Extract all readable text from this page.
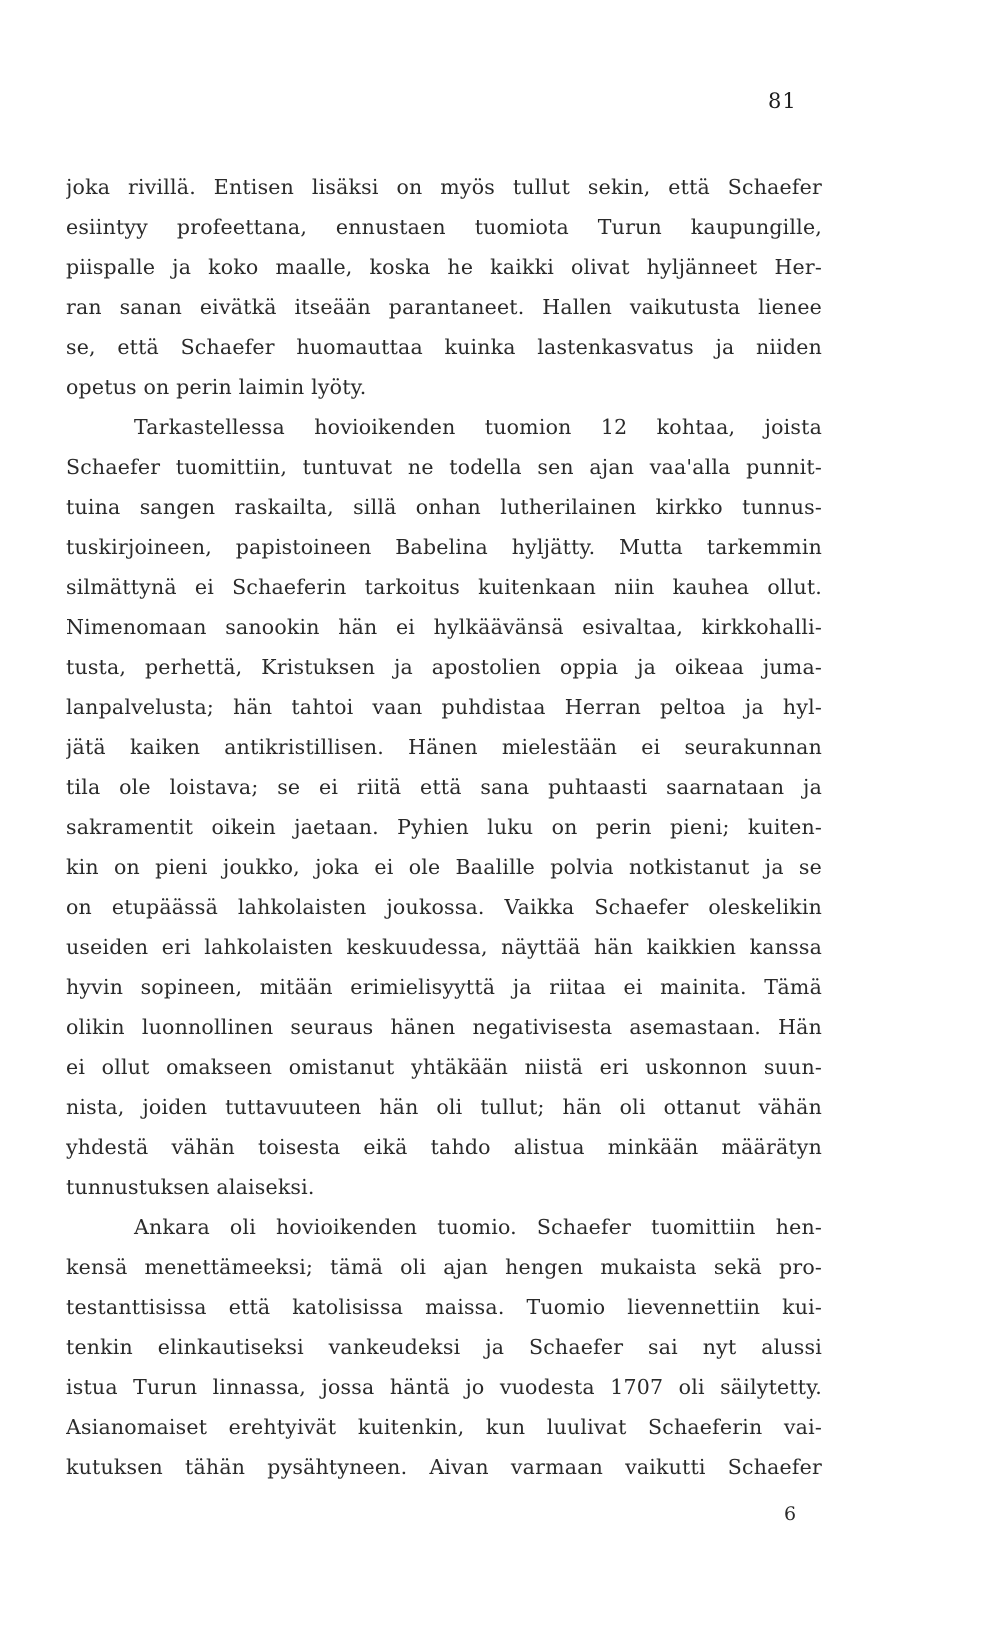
81
joka rivillä. Entisen lisäksi on myös tullut sekin, että Schaefer
esiintyy profeettana, ennustaen tuomiota Turun kaupungille,
piispalle ja koko maalle, koska he kaikki olivat hyljänneet Her-
ran sanan eivätkä itseään parantaneet. Hallen vaikutusta lienee
se, että Schaefer huomauttaa kuinka lastenkasvatus ja niiden
opetus on perin laimin lyöty.
Tarkastellessa hovioikenden tuomion 12 kohtaa, joista
Schaefer tuomittiin, tuntuvat ne todella sen ajan vaa'alla punnit-
tuina sangen raskailta, sillä onhan lutherilainen kirkko tunnus-
tuskirjoineen, papistoineen Babelina hyljätty. Mutta tarkemmin
silmättynä ei Schaeferin tarkoitus kuitenkaan niin kauhea ollut.
Nimenomaan sanookin hän ei hylkäävänsä esivaltaa, kirkkohalli-
tusta, perhettä, Kristuksen ja apostolien oppia ja oikeaa juma-
lanpalvelusta; hän tahtoi vaan puhdistaa Herran peltoa ja hyl-
jätä kaiken antikristillisen. Hänen mielestään ei seurakunnan
tila ole loistava; se ei riitä että sana puhtaasti saarnataan ja
sakramentit oikein jaetaan. Pyhien luku on perin pieni; kuiten-
kin on pieni joukko, joka ei ole Baalille polvia notkistanut ja se
on etupäässä lahkolaisten joukossa. Vaikka Schaefer oleskelikin
useiden eri lahkolaisten keskuudessa, näyttää hän kaikkien kanssa
hyvin sopineen, mitään erimielisyyttä ja riitaa ei mainita. Tämä
olikin luonnollinen seuraus hänen negativisesta asemastaan. Hän
ei ollut omakseen omistanut yhtäkään niistä eri uskonnon suun-
nista, joiden tuttavuuteen hän oli tullut; hän oli ottanut vähän
yhdestä vähän toisesta eikä tahdo alistua minkään määrätyn
tunnustuksen alaiseksi.
Ankara oli hovioikenden tuomio. Schaefer tuomittiin hen-
kensä menettämeeksi; tämä oli ajan hengen mukaista sekä pro-
testanttisissa että katolisissa maissa. Tuomio lievennettiin kui-
tenkin elinkautiseksi vankeudeksi ja Schaefer sai nyt alussi
istua Turun linnassa, jossa häntä jo vuodesta 1707 oli säilytetty.
Asianomaiset erehtyivät kuitenkin, kun luulivat Schaeferin vai-
kutuksen tähän pysähtyneen. Aivan varmaan vaikutti Schaefer
6
